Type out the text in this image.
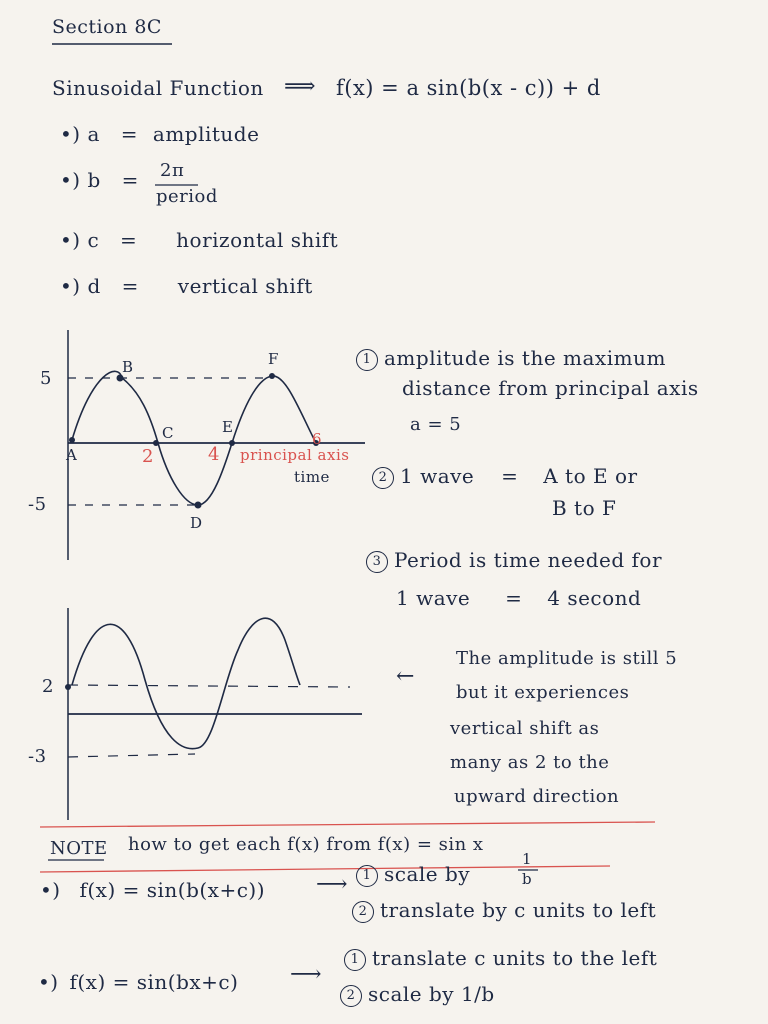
Section 8C
Sinusoidal Function ⟹ f(x) = a sin(b(x - c)) + d
•) a = amplitude
•) b = 2π
period
•) c = horizontal shift
•) d = vertical shift
5
-5
A
B
C
D
E
F
2	4
6
principal axis
time
1 amplitude is the maximum
distance from principal axis
a = 5
2 1 wave = A to E or
B to F
3 Period is time needed for
1 wave = 4 second
2
-3
←
The amplitude is still 5
but it experiences
vertical shift as
many as 2 to the
upward direction
NOTE how to get each f(x) from f(x) = sin x
•) f(x) = sin(b(x+c)) ⟶	1 scale by
1
b
2 translate by c units to left
•) f(x) = sin(bx+c) ⟶
1 translate c units to the left
2 scale by 1/b
